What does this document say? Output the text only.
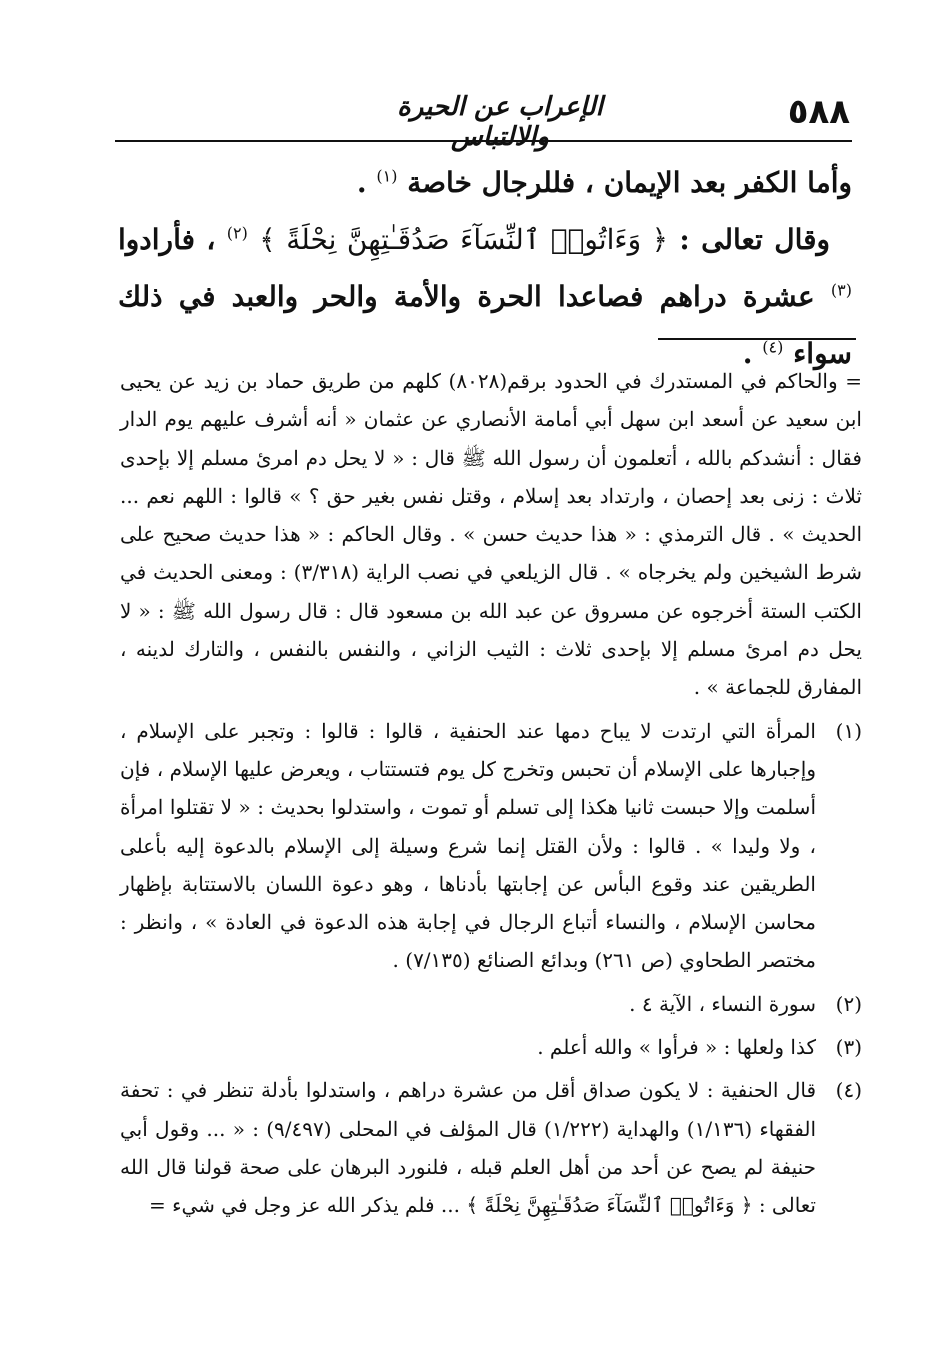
الإعراب عن الحيرة والالتباس
٥٨٨

وأما الكفر بعد الإيمان ، فللرجال خاصة $^{(١)}$ .

وقال تعالى : ﴿ وَءَاتُوا۟ ٱلنِّسَآءَ صَدُقَـٰتِهِنَّ نِحْلَةً ﴾ $^{(٢)}$ ، فأرادوا $^{(٣)}$ عشرة دراهم فصاعدا الحرة والأمة والحر والعبد في ذلك سواء $^{(٤)}$ .

= والحاكم في المستدرك في الحدود برقم(٨٠٢٨) كلهم من طريق حماد بن زيد عن يحيى ابن سعيد عن أسعد ابن سهل أبي أمامة الأنصاري عن عثمان « أنه أشرف عليهم يوم الدار فقال : أنشدكم بالله ، أتعلمون أن رسول الله ﷺ قال : « لا يحل دم امرئ مسلم إلا بإحدى ثلاث : زنى بعد إحصان ، وارتداد بعد إسلام ، وقتل نفس بغير حق ؟ » قالوا : اللهم نعم ... الحديث » . قال الترمذي : « هذا حديث حسن » . وقال الحاكم : « هذا حديث صحيح على شرط الشيخين ولم يخرجاه » . قال الزيلعي في نصب الراية (٣/٣١٨) : ومعنى الحديث في الكتب الستة أخرجوه عن مسروق عن عبد الله بن مسعود قال : قال رسول الله ﷺ : « لا يحل دم امرئ مسلم إلا بإحدى ثلاث : الثيب الزاني ، والنفس بالنفس ، والتارك لدينه ، المفارق للجماعة » .

(١)
المرأة التي ارتدت لا يباح دمها عند الحنفية ، قالوا : قالوا : وتجبر على الإسلام ، وإجبارها على الإسلام أن تحبس وتخرج كل يوم فتستتاب ، ويعرض عليها الإسلام ، فإن أسلمت وإلا حبست ثانيا هكذا إلى تسلم أو تموت ، واستدلوا بحديث : « لا تقتلوا امرأة ، ولا وليدا » . قالوا : ولأن القتل إنما شرع وسيلة إلى الإسلام بالدعوة إليه بأعلى الطريقين عند وقوع البأس عن إجابتها بأدناها ، وهو دعوة اللسان بالاستتابة بإظهار محاسن الإسلام ، والنساء أتباع الرجال في إجابة هذه الدعوة في العادة » ، وانظر : مختصر الطحاوي (ص ٢٦١) وبدائع الصنائع (٧/١٣٥) .

(٢)
سورة النساء ، الآية ٤ .

(٣)
كذا ولعلها : « فرأوا » والله أعلم .

(٤)
قال الحنفية : لا يكون صداق أقل من عشرة دراهم ، واستدلوا بأدلة تنظر في : تحفة الفقهاء (١/١٣٦) والهداية (١/٢٢٢) قال المؤلف في المحلى (٩/٤٩٧) : « ... وقول أبي حنيفة لم يصح عن أحد من أهل العلم قبله ، فلنورد البرهان على صحة قولنا قال الله تعالى : ﴿ وَءَاتُوا۟ ٱلنِّسَآءَ صَدُقَـٰتِهِنَّ نِحْلَةً ﴾ ... فلم يذكر الله عز وجل في شيء =
